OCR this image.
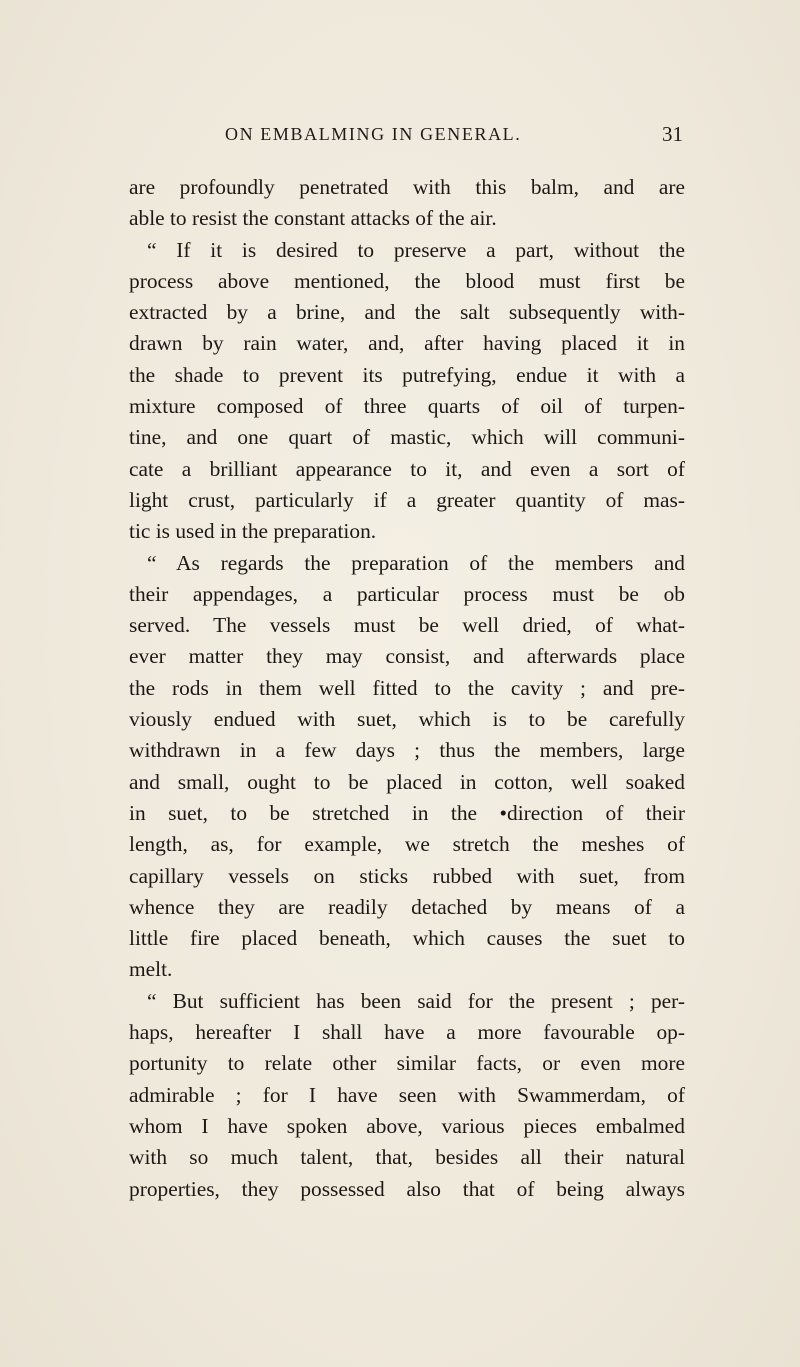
ON EMBALMING IN GENERAL.	31
are profoundly penetrated with this balm, and are
able to resist the constant attacks of the air.
“ If it is desired to preserve a part, without the
process above mentioned, the blood must first be
extracted by a brine, and the salt subsequently with-
drawn by rain water, and, after having placed it in
the shade to prevent its putrefying, endue it with a
mixture composed of three quarts of oil of turpen-
tine, and one quart of mastic, which will communi-
cate a brilliant appearance to it, and even a sort of
light crust, particularly if a greater quantity of mas-
tic is used in the preparation.
“ As regards the preparation of the members and
their appendages, a particular process must be ob
served. The vessels must be well dried, of what-
ever matter they may consist, and afterwards place
the rods in them well fitted to the cavity ; and pre-
viously endued with suet, which is to be carefully
withdrawn in a few days ; thus the members, large
and small, ought to be placed in cotton, well soaked
in suet, to be stretched in the •direction of their
length, as, for example, we stretch the meshes of
capillary vessels on sticks rubbed with suet, from
whence they are readily detached by means of a
little fire placed beneath, which causes the suet to
melt.
“ But sufficient has been said for the present ; per-
haps, hereafter I shall have a more favourable op-
portunity to relate other similar facts, or even more
admirable ; for I have seen with Swammerdam, of
whom I have spoken above, various pieces embalmed
with so much talent, that, besides all their natural
properties, they possessed also that of being always
